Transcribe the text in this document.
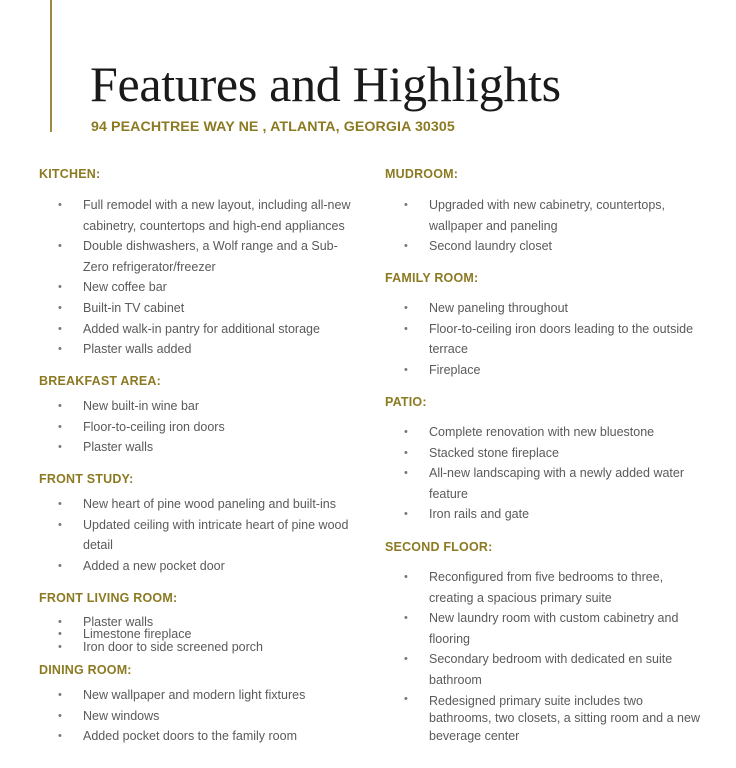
Features and Highlights
94 PEACHTREE WAY NE , ATLANTA, GEORGIA 30305
KITCHEN:
• Full remodel with a new layout, including all-new cabinetry, countertops and high-end appliances
• Double dishwashers, a Wolf range and a Sub-Zero refrigerator/freezer
• New coffee bar
• Built-in TV cabinet
• Added walk-in pantry for additional storage
• Plaster walls added
BREAKFAST AREA:
• New built-in wine bar
• Floor-to-ceiling iron doors
• Plaster walls
FRONT STUDY:
• New heart of pine wood paneling and built-ins
• Updated ceiling with intricate heart of pine wood detail
• Added a new pocket door
FRONT LIVING ROOM:
• Plaster walls
• Limestone fireplace
• Iron door to side screened porch
DINING ROOM:
• New wallpaper and modern light fixtures
• New windows
• Added pocket doors to the family room
MUDROOM:
• Upgraded with new cabinetry, countertops, wallpaper and paneling
• Second laundry closet
FAMILY ROOM:
• New paneling throughout
• Floor-to-ceiling iron doors leading to the outside terrace
• Fireplace
PATIO:
• Complete renovation with new bluestone
• Stacked stone fireplace
• All-new landscaping with a newly added water feature
• Iron rails and gate
SECOND FLOOR:
• Reconfigured from five bedrooms to three, creating a spacious primary suite
• New laundry room with custom cabinetry and flooring
• Secondary bedroom with dedicated en suite bathroom
• Redesigned primary suite includes two bathrooms, two closets, a sitting room and a new beverage center
